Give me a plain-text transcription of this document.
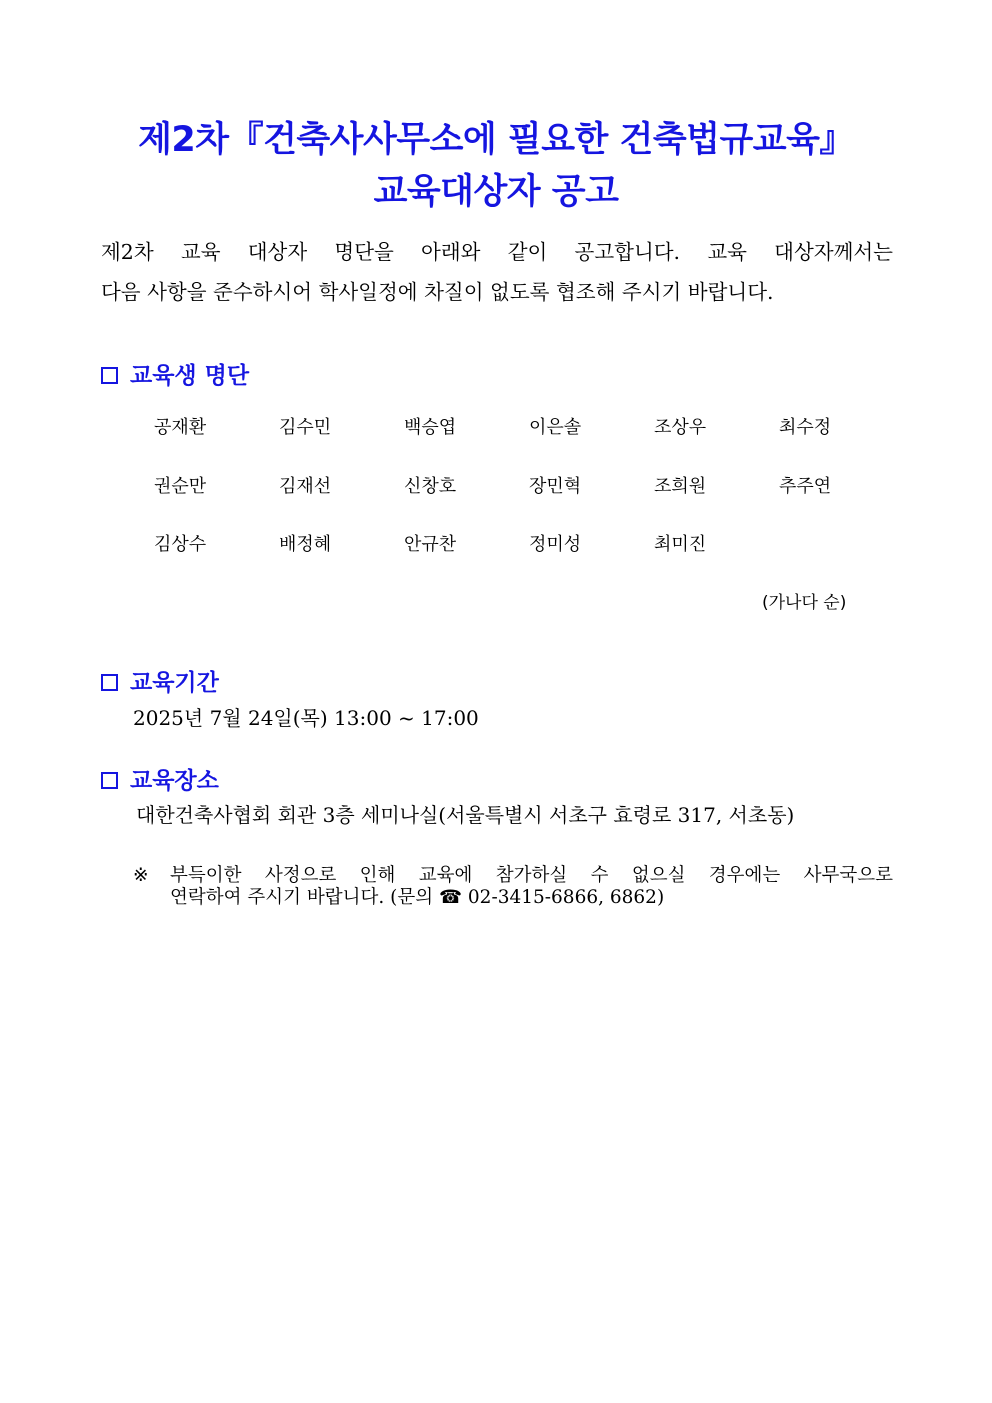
제2차『건축사사무소에 필요한 건축법규교육』
교육대상자 공고
제2차 교육 대상자 명단을 아래와 같이 공고합니다. 교육 대상자께서는
다음 사항을 준수하시어 학사일정에 차질이 없도록 협조해 주시기 바랍니다.
교육생 명단
공재환	김수민	백승엽	이은솔	조상우	최수정
권순만	김재선	신창호	장민혁	조희원	추주연
김상수	배정혜	안규찬	정미성	최미진
(가나다 순)
교육기간
2025년 7월 24일(목) 13:00 ~ 17:00
교육장소
대한건축사협회 회관 3층 세미나실(서울특별시 서초구 효령로 317, 서초동)
※ 부득이한 사정으로 인해 교육에 참가하실 수 없으실 경우에는 사무국으로
연락하여 주시기 바랍니다. (문의 ☎ 02-3415-6866, 6862)
